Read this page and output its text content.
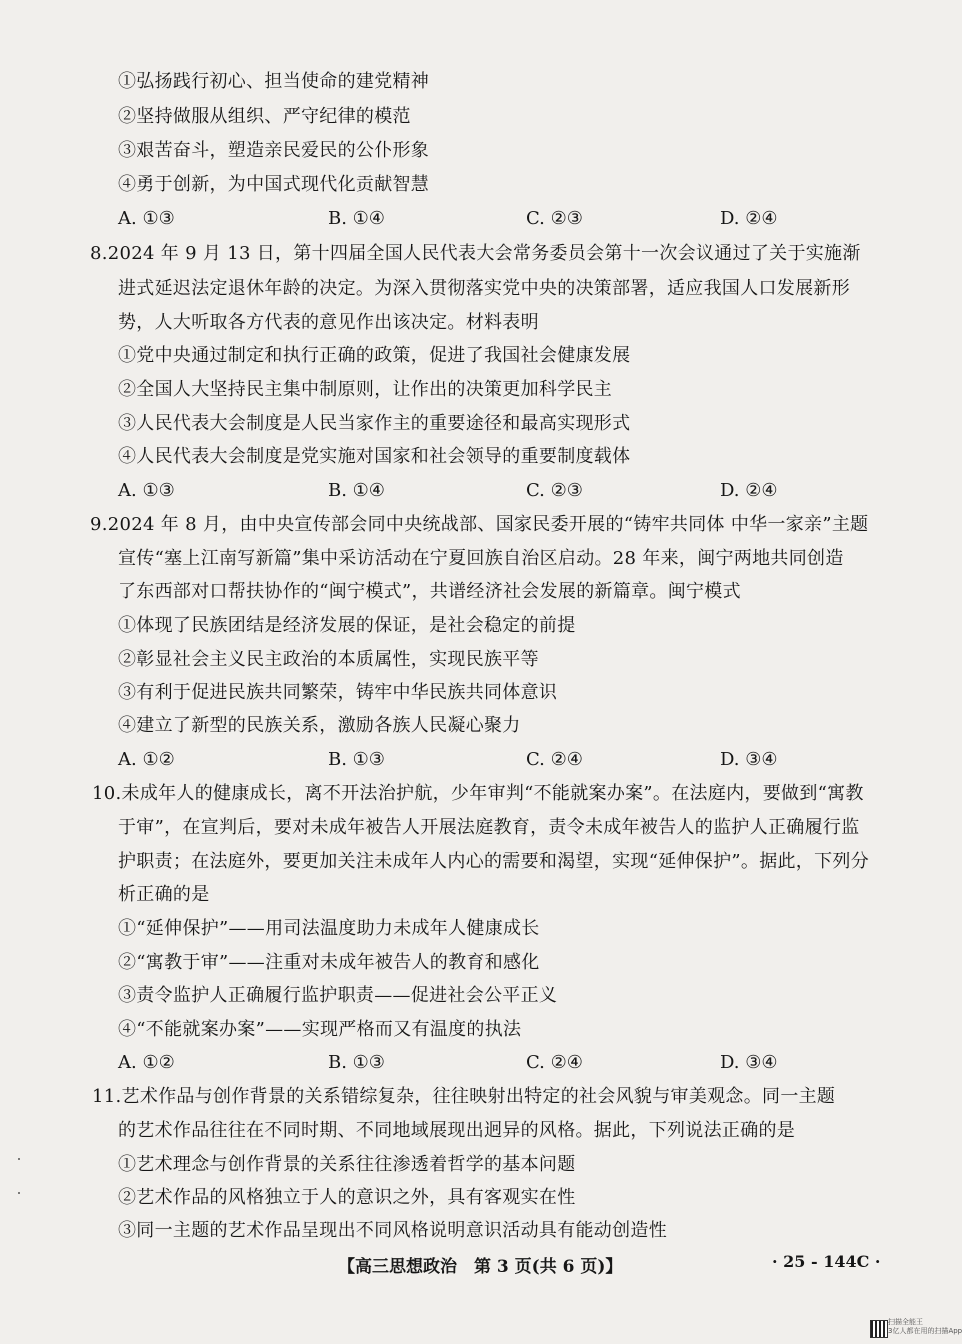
①弘扬践行初心、担当使命的建党精神
②坚持做服从组织、严守纪律的模范
③艰苦奋斗，塑造亲民爱民的公仆形象
④勇于创新，为中国式现代化贡献智慧
A. ①③	B. ①④	C. ②③	D. ②④
8.2024 年 9 月 13 日，第十四届全国人民代表大会常务委员会第十一次会议通过了关于实施渐
进式延迟法定退休年龄的决定。为深入贯彻落实党中央的决策部署，适应我国人口发展新形
势，人大听取各方代表的意见作出该决定。材料表明
①党中央通过制定和执行正确的政策，促进了我国社会健康发展
②全国人大坚持民主集中制原则，让作出的决策更加科学民主
③人民代表大会制度是人民当家作主的重要途径和最高实现形式
④人民代表大会制度是党实施对国家和社会领导的重要制度载体
A. ①③	B. ①④	C. ②③	D. ②④
9.2024 年 8 月，由中央宣传部会同中央统战部、国家民委开展的“铸牢共同体 中华一家亲”主题
宣传“塞上江南写新篇”集中采访活动在宁夏回族自治区启动。28 年来，闽宁两地共同创造
了东西部对口帮扶协作的“闽宁模式”，共谱经济社会发展的新篇章。闽宁模式
①体现了民族团结是经济发展的保证，是社会稳定的前提
②彰显社会主义民主政治的本质属性，实现民族平等
③有利于促进民族共同繁荣，铸牢中华民族共同体意识
④建立了新型的民族关系，激励各族人民凝心聚力
A. ①②	B. ①③	C. ②④	D. ③④
10.未成年人的健康成长，离不开法治护航，少年审判“不能就案办案”。在法庭内，要做到“寓教
于审”，在宣判后，要对未成年被告人开展法庭教育，责令未成年被告人的监护人正确履行监
护职责；在法庭外，要更加关注未成年人内心的需要和渴望，实现“延伸保护”。据此，下列分
析正确的是
①“延伸保护”——用司法温度助力未成年人健康成长
②“寓教于审”——注重对未成年被告人的教育和感化
③责令监护人正确履行监护职责——促进社会公平正义
④“不能就案办案”——实现严格而又有温度的执法
A. ①②	B. ①③	C. ②④	D. ③④
11.艺术作品与创作背景的关系错综复杂，往往映射出特定的社会风貌与审美观念。同一主题
的艺术作品往往在不同时期、不同地域展现出迥异的风格。据此，下列说法正确的是
①艺术理念与创作背景的关系往往渗透着哲学的基本问题
②艺术作品的风格独立于人的意识之外，具有客观实在性
③同一主题的艺术作品呈现出不同风格说明意识活动具有能动创造性
【高三思想政治　第 3 页(共 6 页)】	· 25 - 144C ·
扫描全能王
3亿人都在用的扫描App
